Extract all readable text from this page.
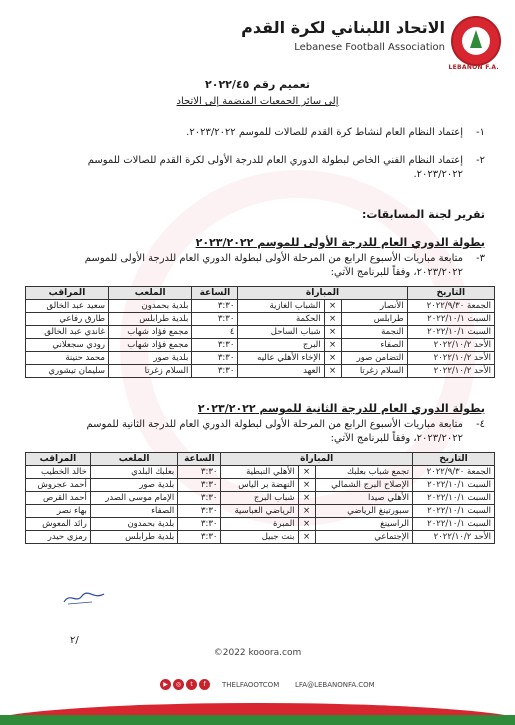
LEBANON F.A.
الاتحاد اللبناني لكرة القدم
Lebanese Football Association
تعميم رقم ٢٠٢٢/٤٥
إلى سائر الجمعيات المنضمة إلى الاتحاد
١-
إعتماد النظام العام لنشاط كرة القدم للصالات للموسم ٢٠٢٣/٢٠٢٢.
٢-
إعتماد النظام الفني الخاص لبطولة الدوري العام للدرجة الأولى لكرة القدم للصالات للموسم ٢٠٢٣/٢٠٢٢.
تقرير لجنة المسابقات:
بطولة الدوري العام للدرجة الأولى للموسم ٢٠٢٣/٢٠٢٢
٣-
متابعة مباريات الأسبوع الرابع من المرحلة الأولى لبطولة الدوري العام للدرجة الأولى للموسم ٢٠٢٣/٢٠٢٢، وفقاً للبرنامج الآتي:
التاريخ	المباراة			الساعة	الملعب	المراقب
الجمعة ٢٠٢٢/٩/٣٠	الأنصار	×	الشباب الغازية	٣:٣٠	بلدية بحمدون	سعيد عبد الخالق
السبت ٢٠٢٢/١٠/١	طرابلس	×	الحكمة	٣:٣٠	بلدية طرابلس	طارق رفاعي
السبت ٢٠٢٢/١٠/١	النجمة	×	شباب الساحل	٤	مجمع فؤاد شهاب	غاندي عبد الخالق
الأحد ٢٠٢٢/١٠/٢	الصفاء	×	البرج	٣:٣٠	مجمع فؤاد شهاب	رودي سجعلاني
الأحد ٢٠٢٢/١٠/٢	التضامن صور	×	الإخاء الأهلي عاليه	٣:٣٠	بلدية صور	محمد حنينة
الأحد ٢٠٢٢/١٠/٢	السلام زغرتا	×	العهد	٣:٣٠	السلام زغرتا	سليمان تيشوري
بطولة الدوري العام للدرجة الثانية للموسم ٢٠٢٣/٢٠٢٢
٤-
متابعة مباريات الأسبوع الرابع من المرحلة الأولى لبطولة الدوري العام للدرجة الثانية للموسم ٢٠٢٣/٢٠٢٢، وفقاً للبرنامج الآتي:
التاريخ	المباراة			الساعة	الملعب	المراقب
الجمعة ٢٠٢٢/٩/٣٠	تجمع شباب بعلبك	×	الأهلي النبطية	٣:٣٠	بعلبك البلدي	خالد الخطيب
السبت ٢٠٢٢/١٠/١	الإصلاح البرج الشمالي	×	النهضة بر الياس	٣:٣٠	بلدية صور	أحمد عجروش
السبت ٢٠٢٢/١٠/١	الأهلي صيدا	×	شباب البرج	٣:٣٠	الإمام موسى الصدر	أحمد القرص
السبت ٢٠٢٢/١٠/١	سبورتينغ الرياضي	×	الرياضي العباسية	٣:٣٠	الصفاء	بهاء نصر
السبت ٢٠٢٢/١٠/١	الراسينغ	×	المبرة	٣:٣٠	بلدية بحمدون	رائد المعوش
الأحد ٢٠٢٢/١٠/٢	الإجتماعي	×	بنت جبيل	٣:٣٠	بلدية طرابلس	رمزي حيدر
٢/
©2022 kooora.com
▶ ◎ t f	THELFAOOTCOM LFA@LEBANONFA.COM
